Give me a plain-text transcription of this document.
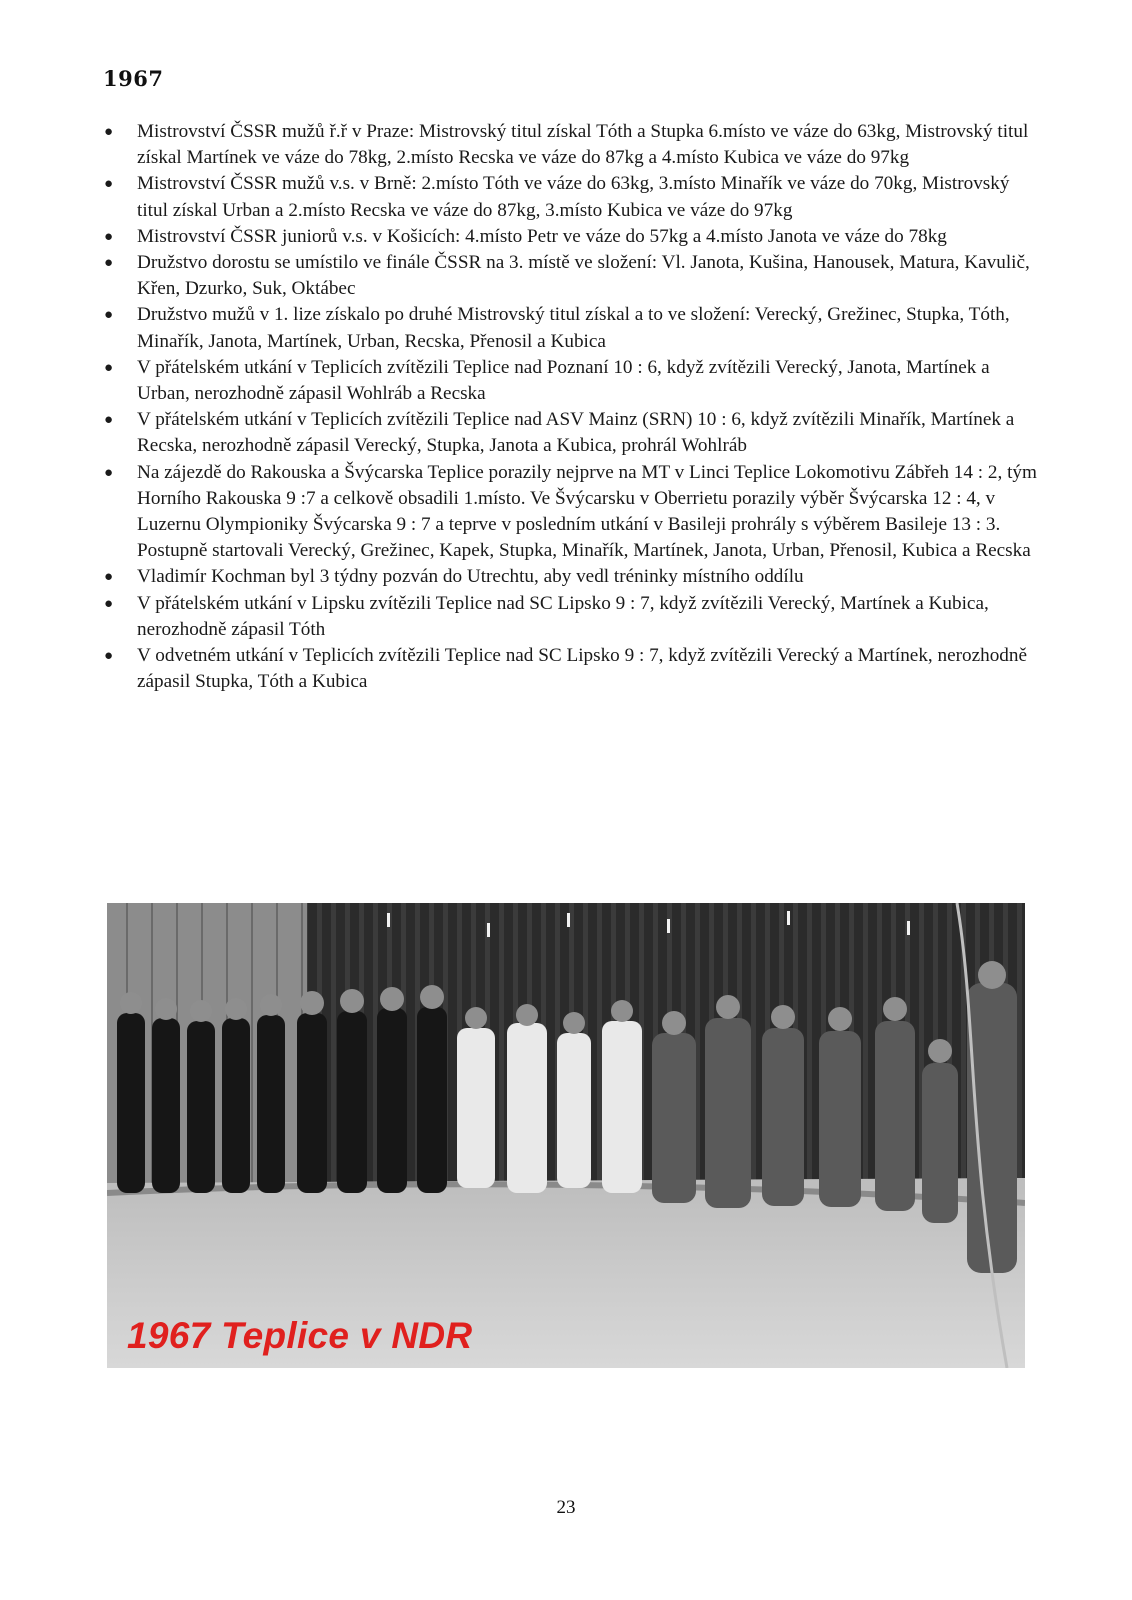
1967
● Mistrovství ČSSR mužů ř.ř v Praze: Mistrovský titul získal Tóth a Stupka 6.místo ve váze do 63kg, Mistrovský titul získal Martínek ve váze do 78kg, 2.místo Recska ve váze do 87kg a 4.místo Kubica ve váze do 97kg
● Mistrovství ČSSR mužů v.s. v Brně: 2.místo Tóth ve váze do 63kg, 3.místo Minařík ve váze do 70kg, Mistrovský titul získal Urban a 2.místo Recska ve váze do 87kg, 3.místo Kubica ve váze do 97kg
● Mistrovství ČSSR juniorů v.s. v Košicích: 4.místo Petr ve váze do 57kg a 4.místo Janota ve váze do 78kg
● Družstvo dorostu se umístilo ve finále ČSSR na 3. místě ve složení: Vl. Janota, Kušina, Hanousek, Matura, Kavulič, Křen, Dzurko, Suk, Oktábec
● Družstvo mužů v 1. lize získalo po druhé Mistrovský titul získal a to ve složení: Verecký, Grežinec, Stupka, Tóth, Minařík, Janota, Martínek, Urban, Recska, Přenosil a Kubica
● V přátelském utkání v Teplicích zvítězili Teplice nad Poznaní 10 : 6, když zvítězili Verecký, Janota, Martínek a Urban, nerozhodně zápasil Wohlráb a Recska
● V přátelském utkání v Teplicích zvítězili Teplice nad ASV Mainz (SRN) 10 : 6, když zvítězili Minařík, Martínek a Recska, nerozhodně zápasil Verecký, Stupka, Janota a Kubica, prohrál Wohlráb
● Na zájezdě do Rakouska a Švýcarska Teplice porazily nejprve na MT v Linci Teplice Lokomotivu Zábřeh 14 : 2, tým Horního Rakouska 9 :7 a celkově obsadili 1.místo. Ve Švýcarsku v Oberrietu porazily výběr Švýcarska 12 : 4, v Luzernu Olympioniky Švýcarska 9 : 7 a teprve v posledním utkání v Basileji prohrály s výběrem Basileje 13 : 3. Postupně startovali Verecký, Grežinec, Kapek, Stupka, Minařík, Martínek, Janota, Urban, Přenosil, Kubica a Recska
● Vladimír Kochman byl 3 týdny pozván do Utrechtu, aby vedl tréninky místního oddílu
● V přátelském utkání v Lipsku zvítězili Teplice nad SC Lipsko 9 : 7, když zvítězili Verecký, Martínek a Kubica, nerozhodně zápasil Tóth
● V odvetném utkání v Teplicích zvítězili Teplice nad SC Lipsko 9 : 7, když zvítězili Verecký a Martínek, nerozhodně zápasil Stupka, Tóth a Kubica
1967 Teplice v NDR
23
